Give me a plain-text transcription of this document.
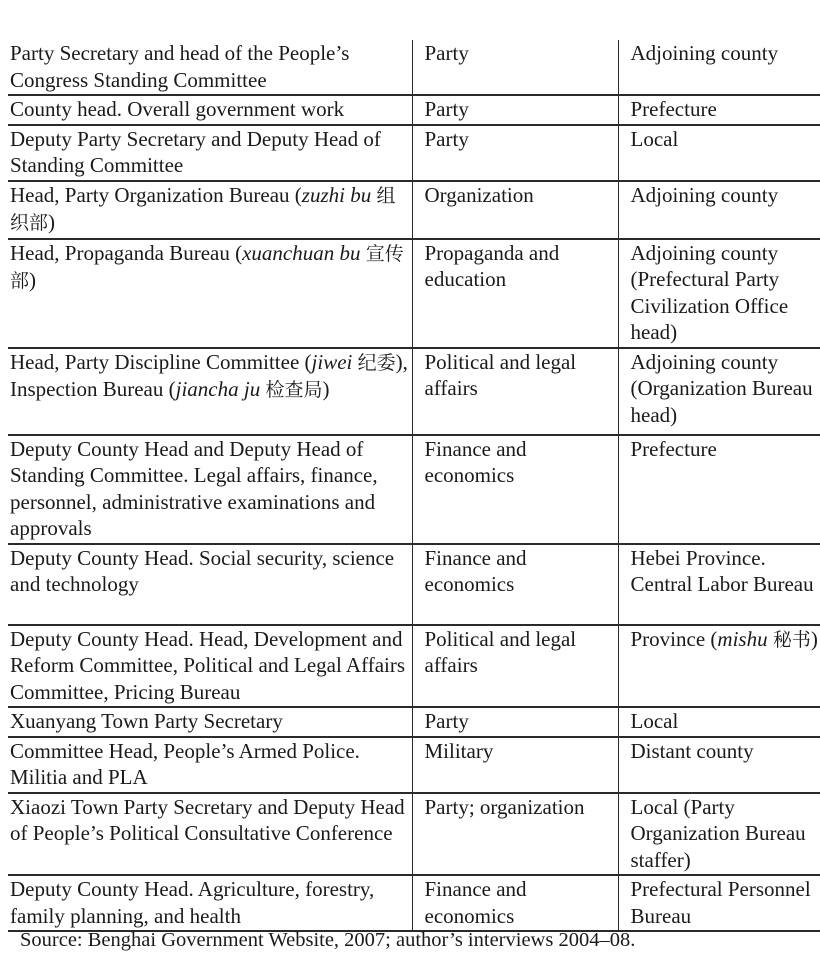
Party Secretary and head of the People’s Congress Standing Committee	Party	Adjoining county
County head. Overall government work	Party	Prefecture
Deputy Party Secretary and Deputy Head of Standing Committee	Party	Local
Head, Party Organization Bureau (zuzhi bu 组织部)	Organization	Adjoining county
Head, Propaganda Bureau (xuanchuan bu 宣传部)	Propaganda and education	Adjoining county (Prefectural Party Civilization Office head)
Head, Party Discipline Committee (jiwei 纪委), Inspection Bureau (jiancha ju 检查局)	Political and legal affairs	Adjoining county (Organization Bureau head)
Deputy County Head and Deputy Head of Standing Committee. Legal affairs, finance, personnel, administrative examinations and approvals	Finance and economics	Prefecture
Deputy County Head. Social security, science and technology	Finance and economics	Hebei Province. Central Labor Bureau
Deputy County Head. Head, Development and Reform Committee, Political and Legal Affairs Committee, Pricing Bureau	Political and legal affairs	Province (mishu 秘书)
Xuanyang Town Party Secretary	Party	Local
Committee Head, People’s Armed Police. Militia and PLA	Military	Distant county
Xiaozi Town Party Secretary and Deputy Head of People’s Political Consultative Conference	Party; organization	Local (Party Organization Bureau staffer)
Deputy County Head. Agriculture, forestry, family planning, and health	Finance and economics	Prefectural Personnel Bureau
Source: Benghai Government Website, 2007; author’s interviews 2004–08.
